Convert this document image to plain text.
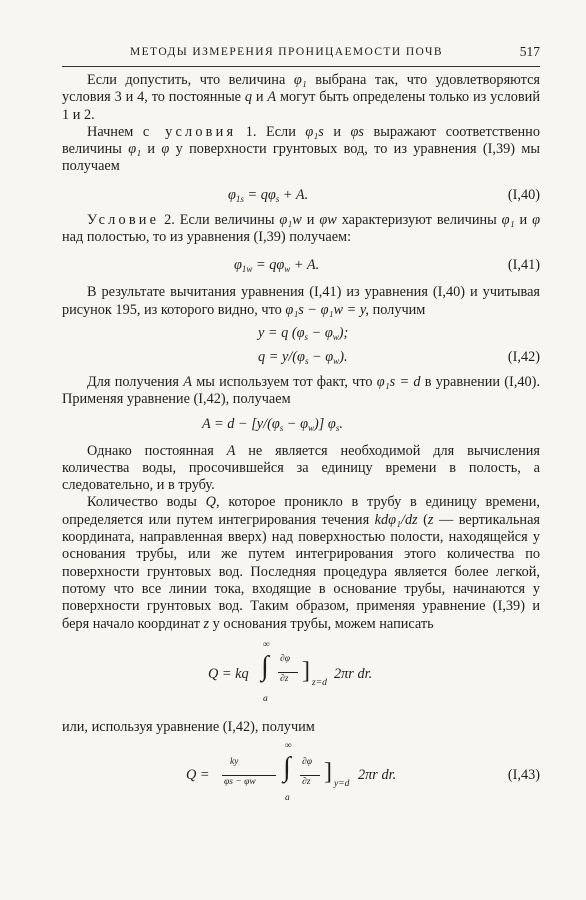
МЕТОДЫ ИЗМЕРЕНИЯ ПРОНИЦАЕМОСТИ ПОЧВ	517

Если допустить, что величина φ₁ выбрана так, что удовлетворяются условия 3 и 4, то постоянные q и A могут быть определены только из условий 1 и 2.

Начнем с условия 1. Если φ₁s и φs выражают соответственно величины φ₁ и φ у поверхности грунтовых вод, то из уравнения (I,39) мы получаем

$\varphi_{1s} = q\varphi_s + A$.	(I,40)

Условие 2. Если величины φ₁w и φw характеризуют величины φ₁ и φ над полостью, то из уравнения (I,39) получаем:

$\varphi_{1w} = q\varphi_w + A$.	(I,41)

В результате вычитания уравнения (I,41) из уравнения (I,40) и учитывая рисунок 195, из которого видно, что φ₁s − φ₁w = y, получим

y = q $(\varphi_s - \varphi_w)$;
$q = y/(\varphi_s - \varphi_w)$.	(I,42)

Для получения A мы используем тот факт, что φ₁s = d в уравнении (I,40). Применяя уравнение (I,42), получаем

$A = d - [y/(\varphi_s - \varphi_w)]$ $\varphi_s$.

Однако постоянная A не является необходимой для вычисления количества воды, просочившейся за единицу времени в полость, а следовательно, и в трубу.

Количество воды Q, которое проникло в трубу в единицу времени, определяется или путем интегрирования течения kdφ₁/dz (z — вертикальная координата, направленная вверх) над поверхностью полости, находящейся у основания трубы, или же путем интегрирования этого количества по поверхности грунтовых вод. Последняя процедура является более легкой, потому что все линии тока, входящие в основание трубы, начинаются у поверхности грунтовых вод. Таким образом, применяя уравнение (I,39) и беря начало координат z у основания трубы, можем написать

Q = kq
∞
∫
a
∂φ
∂z ] z=d
2πr dr.

или, используя уравнение (I,42), получим

Q =
ky
φs − φw
∞
∫
a
∂φ
∂z ] y=d
2πr dr.	(I,43)
